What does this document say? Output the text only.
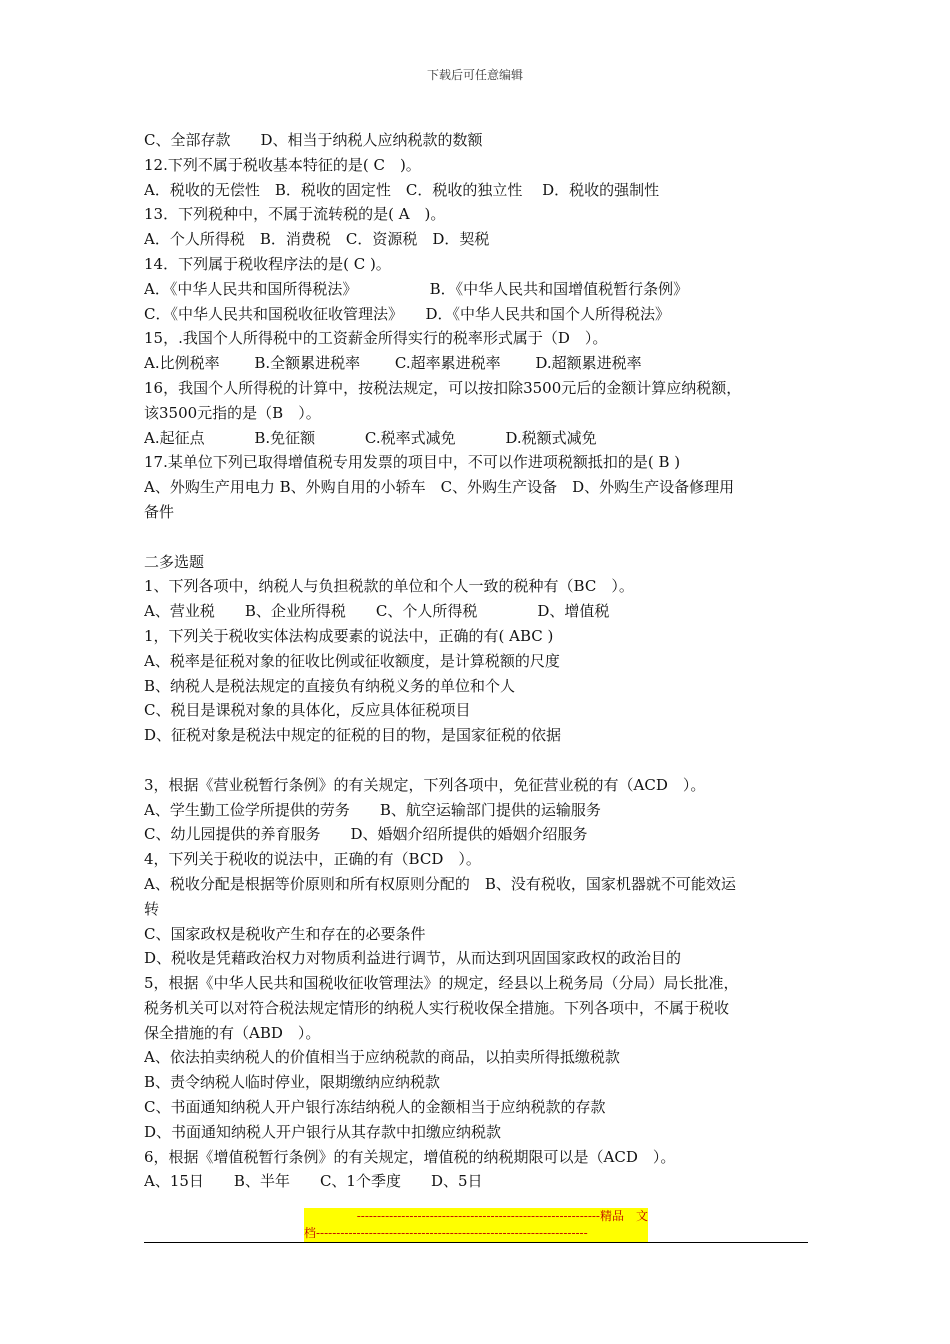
下载后可任意编辑
C、全部存款　　D、相当于纳税人应纳税款的数额
12.下列不属于税收基本特征的是( C　)。
A．税收的无偿性　B．税收的固定性　C．税收的独立性　 D．税收的强制性
13．下列税种中，不属于流转税的是( A　)。
A．个人所得税　B．消费税　C．资源税　D．契税
14．下列属于税收程序法的是( C )。
A．《中华人民共和国所得税法》　　　　　 B．《中华人民共和国增值税暂行条例》
C．《中华人民共和国税收征收管理法》　　D．《中华人民共和国个人所得税法》
15，.我国个人所得税中的工资薪金所得实行的税率形式属于（D　）。
A.比例税率　　 B.全额累进税率　　 C.超率累进税率　　 D.超额累进税率
16，我国个人所得税的计算中，按税法规定，可以按扣除3500元后的金额计算应纳税额，
该3500元指的是（B　）。
A.起征点　　　 B.免征额　　　 C.税率式减免　　　 D.税额式减免
17.某单位下列已取得增值税专用发票的项目中，不可以作进项税额抵扣的是( B )
A、外购生产用电力 B、外购自用的小轿车　C、外购生产设备　D、外购生产设备修理用
备件
二多选题
1、下列各项中，纳税人与负担税款的单位和个人一致的税种有（BC　）。
A、营业税　　B、企业所得税　　C、个人所得税　　　　D、增值税
1，下列关于税收实体法构成要素的说法中，正确的有( ABC )
A、税率是征税对象的征收比例或征收额度，是计算税额的尺度
B、纳税人是税法规定的直接负有纳税义务的单位和个人
C、税目是课税对象的具体化，反应具体征税项目
D、征税对象是税法中规定的征税的目的物，是国家征税的依据
3，根据《营业税暂行条例》的有关规定，下列各项中，免征营业税的有（ACD　）。
A、学生勤工俭学所提供的劳务　　B、航空运输部门提供的运输服务
C、幼儿园提供的养育服务　　D、婚姻介绍所提供的婚姻介绍服务
4，下列关于税收的说法中，正确的有（BCD　）。
A、税收分配是根据等价原则和所有权原则分配的　B、没有税收，国家机器就不可能效运
转
C、国家政权是税收产生和存在的必要条件
D、税收是凭藉政治权力对物质利益进行调节，从而达到巩固国家政权的政治目的
5，根据《中华人民共和国税收征收管理法》的规定，经县以上税务局（分局）局长批准，
税务机关可以对符合税法规定情形的纳税人实行税收保全措施。下列各项中，不属于税收
保全措施的有（ABD　）。
A、依法拍卖纳税人的价值相当于应纳税款的商品，以拍卖所得抵缴税款
B、责令纳税人临时停业，限期缴纳应纳税款
C、书面通知纳税人开户银行冻结纳税人的金额相当于应纳税款的存款
D、书面通知纳税人开户银行从其存款中扣缴应纳税款
6，根据《增值税暂行条例》的有关规定，增值税的纳税期限可以是（ACD　）。
A、15日　　B、半年　　C、1个季度　　D、5日
------------------------------------------------------------精品　文
档-------------------------------------------------------------------
